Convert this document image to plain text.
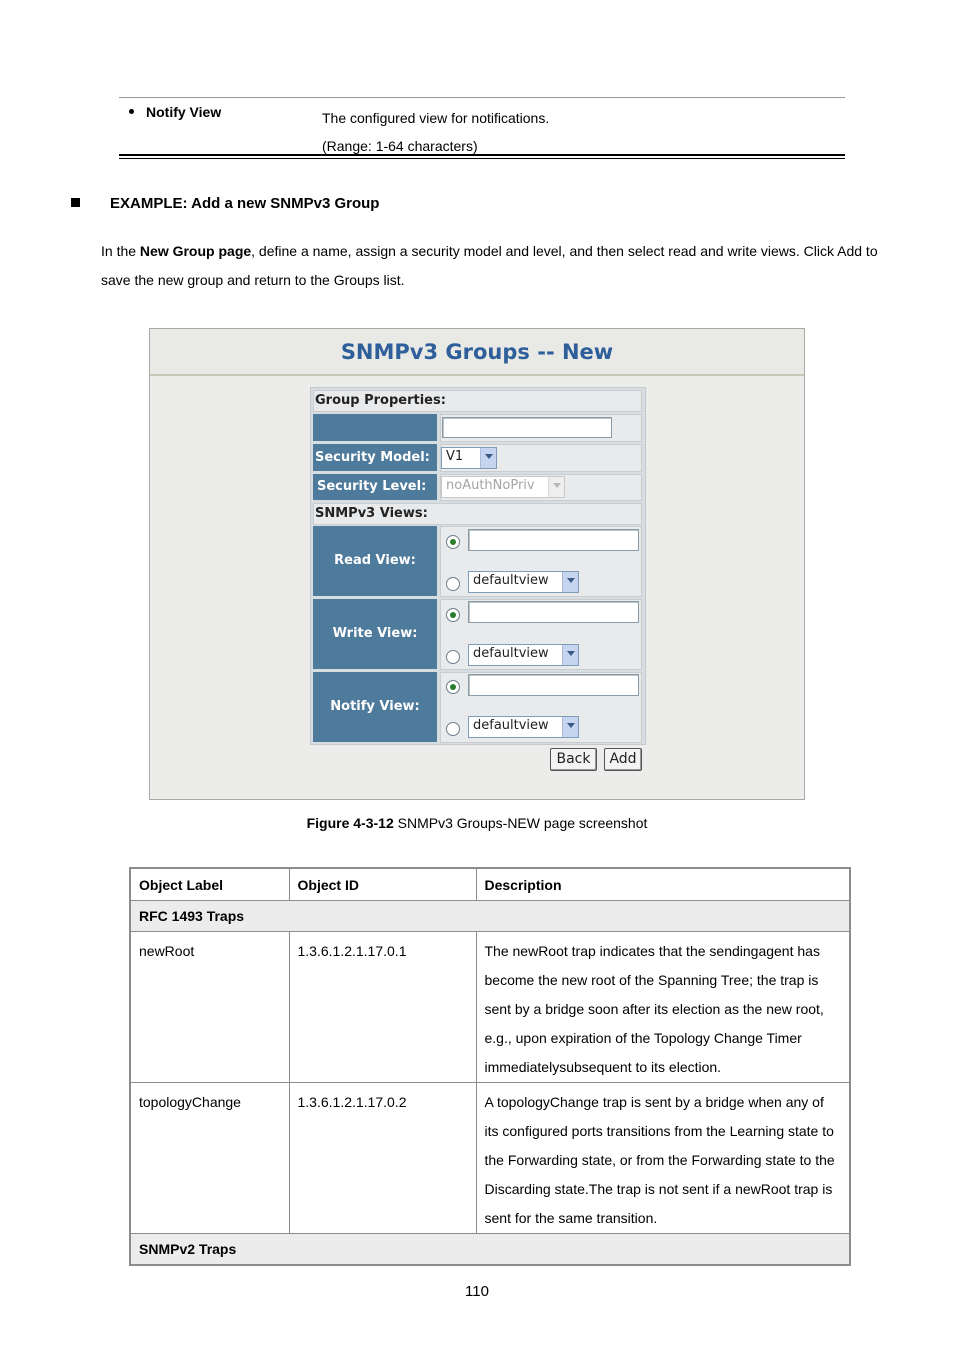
Notify View	The configured view for notifications.
(Range: 1-64 characters)
EXAMPLE: Add a new SNMPv3 Group
In the New Group page, define a name, assign a security model and level, and then select read and write views. Click Add to save the new group and return to the Groups list.
SNMPv3 Groups -- New
Group Properties:
Security Model: V1
Security Level: noAuthNoPriv
SNMPv3 Views:
Read View:
defaultview
Write View:
defaultview
Notify View:
defaultview
Back	Add
Figure 4-3-12 SNMPv3 Groups-NEW page screenshot
Object Label	Object ID	Description
RFC 1493 Traps		
newRoot	1.3.6.1.2.1.17.0.1	The newRoot trap indicates that the sendingagent has become the new root of the Spanning Tree; the trap is sent by a bridge soon after its election as the new root, e.g., upon expiration of the Topology Change Timer immediatelysubsequent to its election.
topologyChange	1.3.6.1.2.1.17.0.2	A topologyChange trap is sent by a bridge when any of its configured ports transitions from the Learning state to the Forwarding state, or from the Forwarding state to the Discarding state.The trap is not sent if a newRoot trap is sent for the same transition.
SNMPv2 Traps		
110
